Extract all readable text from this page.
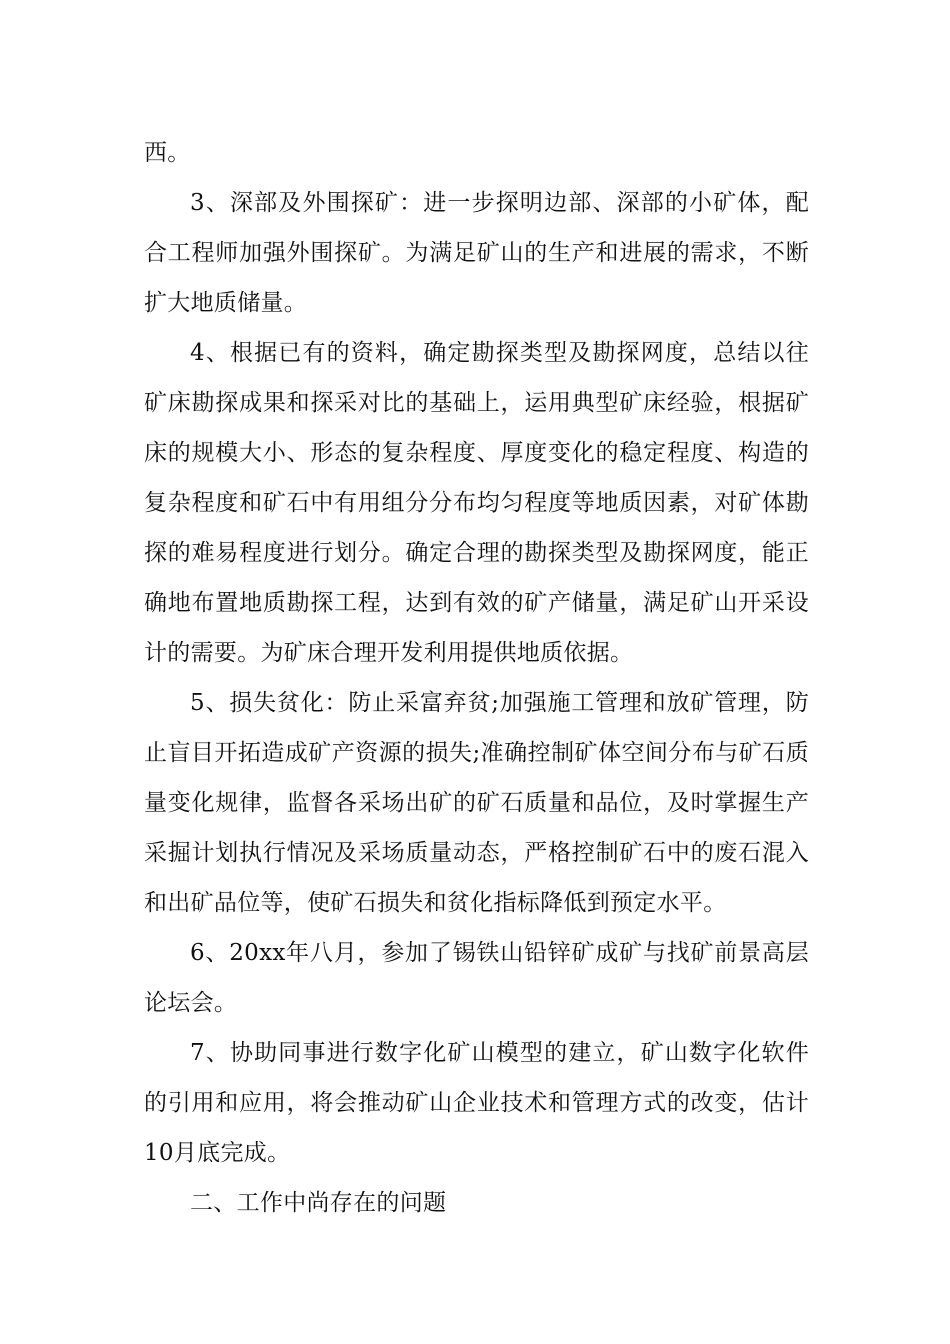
西。

3、深部及外围探矿：进一步探明边部、深部的小矿体，配合工程师加强外围探矿。为满足矿山的生产和进展的需求，不断扩大地质储量。

4、根据已有的资料，确定勘探类型及勘探网度，总结以往矿床勘探成果和探采对比的基础上，运用典型矿床经验，根据矿床的规模大小、形态的复杂程度、厚度变化的稳定程度、构造的复杂程度和矿石中有用组分分布均匀程度等地质因素，对矿体勘探的难易程度进行划分。确定合理的勘探类型及勘探网度，能正确地布置地质勘探工程，达到有效的矿产储量，满足矿山开采设计的需要。为矿床合理开发利用提供地质依据。

5、损失贫化：防止采富弃贫;加强施工管理和放矿管理，防止盲目开拓造成矿产资源的损失;准确控制矿体空间分布与矿石质量变化规律，监督各采场出矿的矿石质量和品位，及时掌握生产采掘计划执行情况及采场质量动态，严格控制矿石中的废石混入和出矿品位等，使矿石损失和贫化指标降低到预定水平。

6、20xx年八月，参加了锡铁山铅锌矿成矿与找矿前景高层论坛会。

7、协助同事进行数字化矿山模型的建立，矿山数字化软件的引用和应用，将会推动矿山企业技术和管理方式的改变，估计10月底完成。

二、工作中尚存在的问题
